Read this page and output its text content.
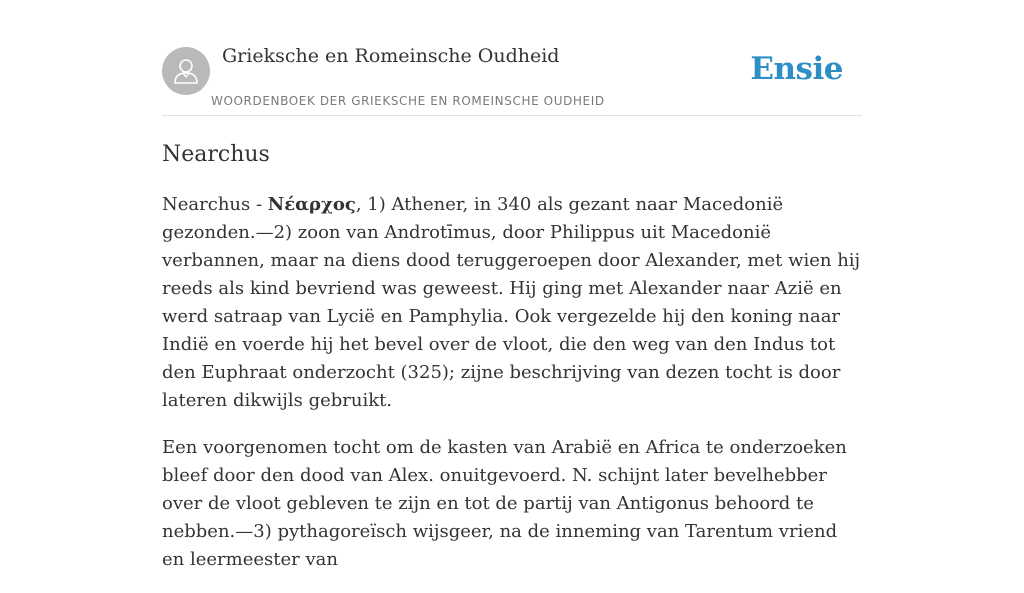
Grieksche en Romeinsche Oudheid
WOORDENBOEK DER GRIEKSCHE EN ROMEINSCHE OUDHEID
Ensie
Nearchus

Nearchus - Νέαρχος, 1) Athener, in 340 als gezant naar Macedonië gezonden.—2) zoon van Androtīmus, door Philippus uit Macedonië verbannen, maar na diens dood teruggeroepen door Alexander, met wien hij reeds als kind bevriend was geweest. Hij ging met Alexander naar Azië en werd satraap van Lycië en Pamphylia. Ook vergezelde hij den koning naar Indië en voerde hij het bevel over de vloot, die den weg van den Indus tot den Euphraat onderzocht (325); zijne beschrijving van dezen tocht is door lateren dikwijls gebruikt.

Een voorgenomen tocht om de kasten van Arabië en Africa te onderzoeken bleef door den dood van Alex. onuitgevoerd. N. schijnt later bevelhebber over de vloot gebleven te zijn en tot de partij van Antigonus behoord te nebben.—3) pythagoreïsch wijsgeer, na de inneming van Tarentum vriend en leermeester van
